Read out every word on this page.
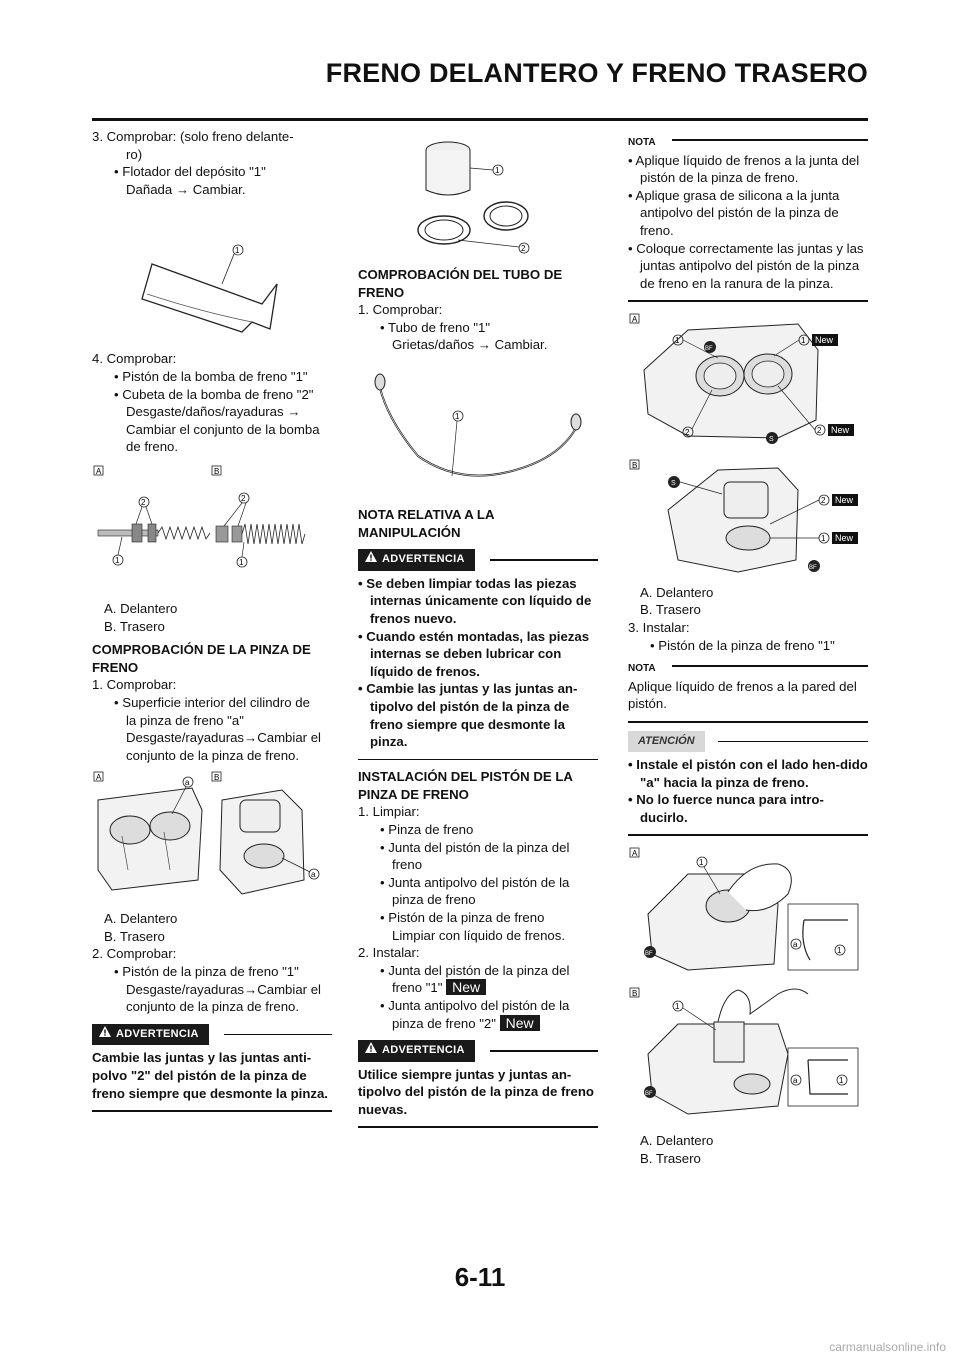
FRENO DELANTERO Y FRENO TRASERO

3. Comprobar: (solo freno delante-

ro)

• Flotador del depósito "1"

Dañada → Cambiar.

1

4. Comprobar:

• Pistón de la bomba de freno "1"

• Cubeta de la bomba de freno "2"

Desgaste/daños/rayaduras →

Cambiar el conjunto de la bomba

de freno.

A	B
2
1
2
1

A. Delantero

B. Trasero

COMPROBACIÓN DE LA PINZA DE FRENO

1. Comprobar:

• Superficie interior del cilindro de

la pinza de freno "a"

Desgaste/rayaduras→Cambiar el

conjunto de la pinza de freno.

A	B
a
a

A. Delantero

B. Trasero

2. Comprobar:

• Pistón de la pinza de freno "1"

Desgaste/rayaduras→Cambiar el

conjunto de la pinza de freno.

ADVERTENCIA

Cambie las juntas y las juntas anti-polvo "2" del pistón de la pinza de freno siempre que desmonte la pinza.

1
2

COMPROBACIÓN DEL TUBO DE FRENO

1. Comprobar:

• Tubo de freno "1"

Grietas/daños → Cambiar.

1

NOTA RELATIVA A LA MANIPULACIÓN

ADVERTENCIA

• Se deben limpiar todas las piezas internas únicamente con líquido de frenos nuevo.

• Cuando estén montadas, las piezas internas se deben lubricar con líquido de frenos.

• Cambie las juntas y las juntas an-tipolvo del pistón de la pinza de freno siempre que desmonte la pinza.

INSTALACIÓN DEL PISTÓN DE LA PINZA DE FRENO

1. Limpiar:

• Pinza de freno

• Junta del pistón de la pinza del freno

• Junta antipolvo del pistón de la pinza de freno

• Pistón de la pinza de freno

Limpiar con líquido de frenos.

2. Instalar:

• Junta del pistón de la pinza del

freno "1" New

• Junta antipolvo del pistón de la

pinza de freno "2" New

ADVERTENCIA

Utilice siempre juntas y juntas an-tipolvo del pistón de la pinza de freno nuevas.

NOTA

• Aplique líquido de frenos a la junta del pistón de la pinza de freno.

• Aplique grasa de silicona a la junta antipolvo del pistón de la pinza de freno.

• Coloque correctamente las juntas y las juntas antipolvo del pistón de la pinza de freno en la ranura de la pinza.

A
1
BF
1 New
2
S
2 New
B
S
2 New
1 New
BF

A. Delantero

B. Trasero

3. Instalar:

• Pistón de la pinza de freno "1"

NOTA

Aplique líquido de frenos a la pared del pistón.

ATENCIÓN

• Instale el pistón con el lado hen-dido "a" hacia la pinza de freno.

• No lo fuerce nunca para intro-ducirlo.

A
1
BF
a
1
B
1
BF
a	1

A. Delantero

B. Trasero

6-11
carmanualsonline.info
